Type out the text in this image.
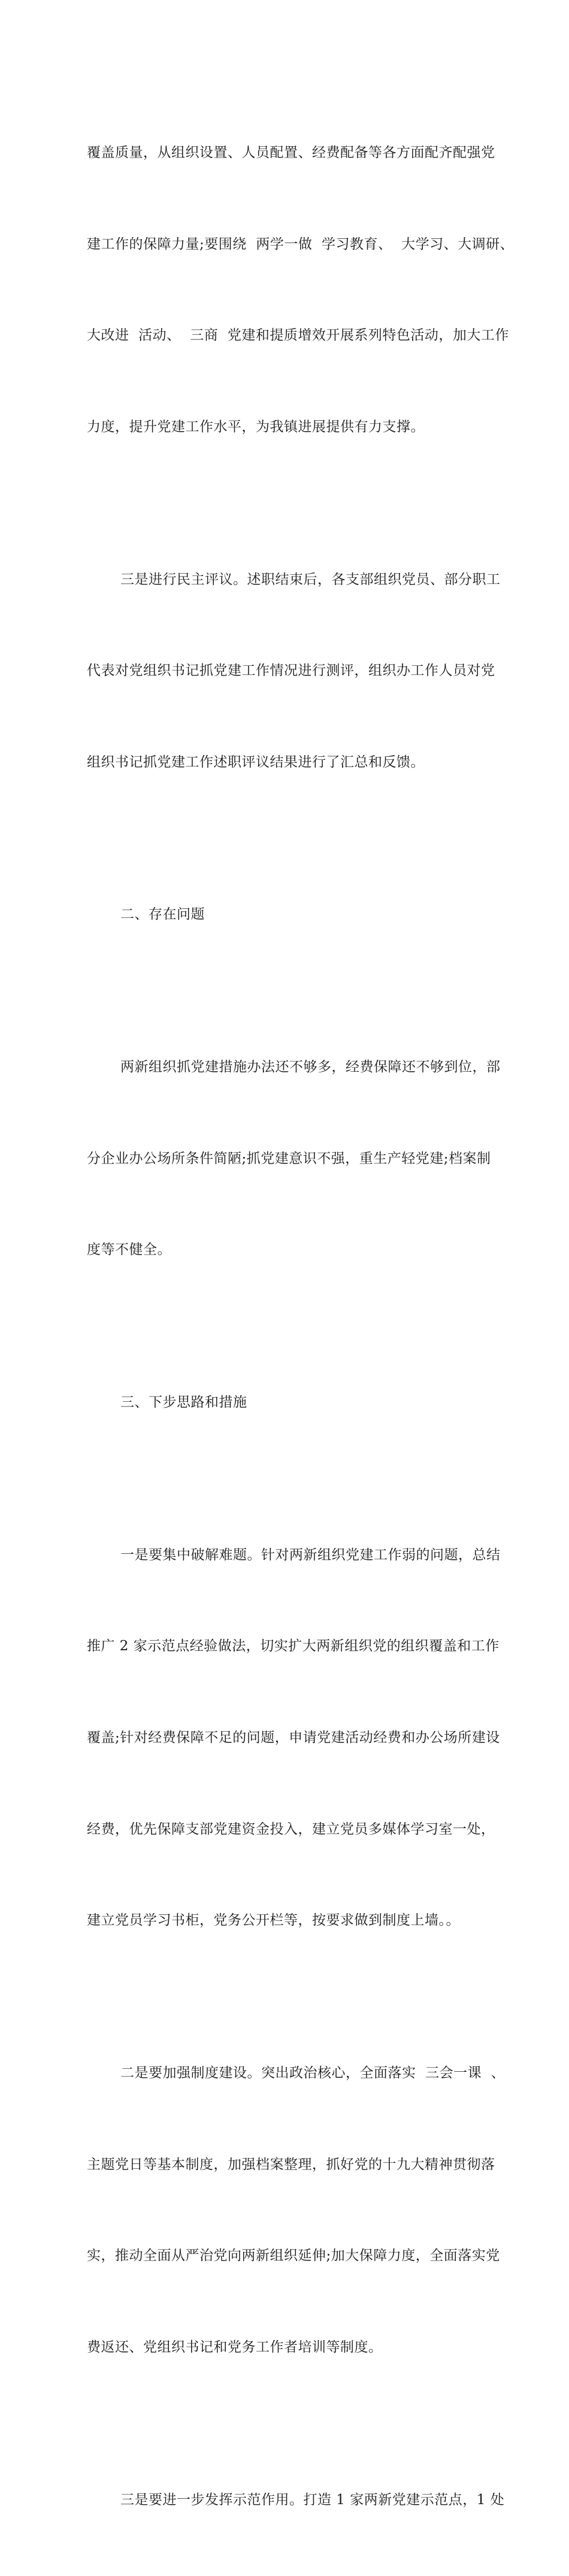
覆盖质量，从组织设置、人员配置、经费配备等各方面配齐配强党

建工作的保障力量;要围绕  两学一做  学习教育、  大学习、大调研、

大改进  活动、  三商  党建和提质增效开展系列特色活动，加大工作

力度，提升党建工作水平，为我镇进展提供有力支撑。

三是进行民主评议。述职结束后，各支部组织党员、部分职工

代表对党组织书记抓党建工作情况进行测评，组织办工作人员对党

组织书记抓党建工作述职评议结果进行了汇总和反馈。

二、存在问题

两新组织抓党建措施办法还不够多，经费保障还不够到位，部

分企业办公场所条件简陋;抓党建意识不强，重生产轻党建;档案制

度等不健全。

三、下步思路和措施

一是要集中破解难题。针对两新组织党建工作弱的问题，总结

推广 2 家示范点经验做法，切实扩大两新组织党的组织覆盖和工作

覆盖;针对经费保障不足的问题，申请党建活动经费和办公场所建设

经费，优先保障支部党建资金投入，建立党员多媒体学习室一处，

建立党员学习书柜，党务公开栏等，按要求做到制度上墙。。

二是要加强制度建设。突出政治核心，全面落实  三会一课  、

主题党日等基本制度，加强档案整理，抓好党的十九大精神贯彻落

实，推动全面从严治党向两新组织延伸;加大保障力度，全面落实党

费返还、党组织书记和党务工作者培训等制度。

三是要进一步发挥示范作用。打造 1 家两新党建示范点，1 处
